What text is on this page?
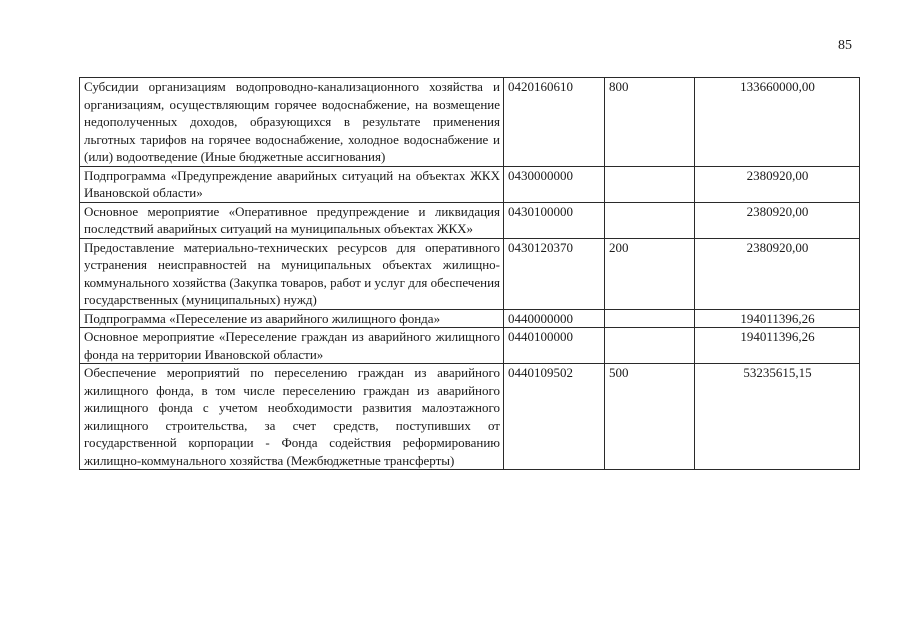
85
Субсидии организациям водопроводно-канализационного хозяйства и организациям, осуществляющим горячее водоснабжение, на возмещение недополученных доходов, образующихся в результате применения льготных тарифов на горячее водоснабжение, холодное водоснабжение и (или) водоотведение (Иные бюджетные ассигнования)	0420160610	800	133660000,00
Подпрограмма «Предупреждение аварийных ситуаций на объектах ЖКХ Ивановской области»	0430000000		2380920,00
Основное мероприятие «Оперативное предупреждение и ликвидация последствий аварийных ситуаций на муниципальных объектах ЖКХ»	0430100000		2380920,00
Предоставление материально-технических ресурсов для оперативного устранения неисправностей на муниципальных объектах жилищно-коммунального хозяйства (Закупка товаров, работ и услуг для обеспечения государственных (муниципальных) нужд)	0430120370	200	2380920,00
Подпрограмма «Переселение из аварийного жилищного фонда»	0440000000		194011396,26
Основное мероприятие «Переселение граждан из аварийного жилищного фонда на территории Ивановской области»	0440100000		194011396,26
Обеспечение мероприятий по переселению граждан из аварийного жилищного фонда, в том числе переселению граждан из аварийного жилищного фонда с учетом необходимости развития малоэтажного жилищного строительства, за счет средств, поступивших от государственной корпорации - Фонда содействия реформированию жилищно-коммунального хозяйства (Межбюджетные трансферты)	0440109502	500	53235615,15
